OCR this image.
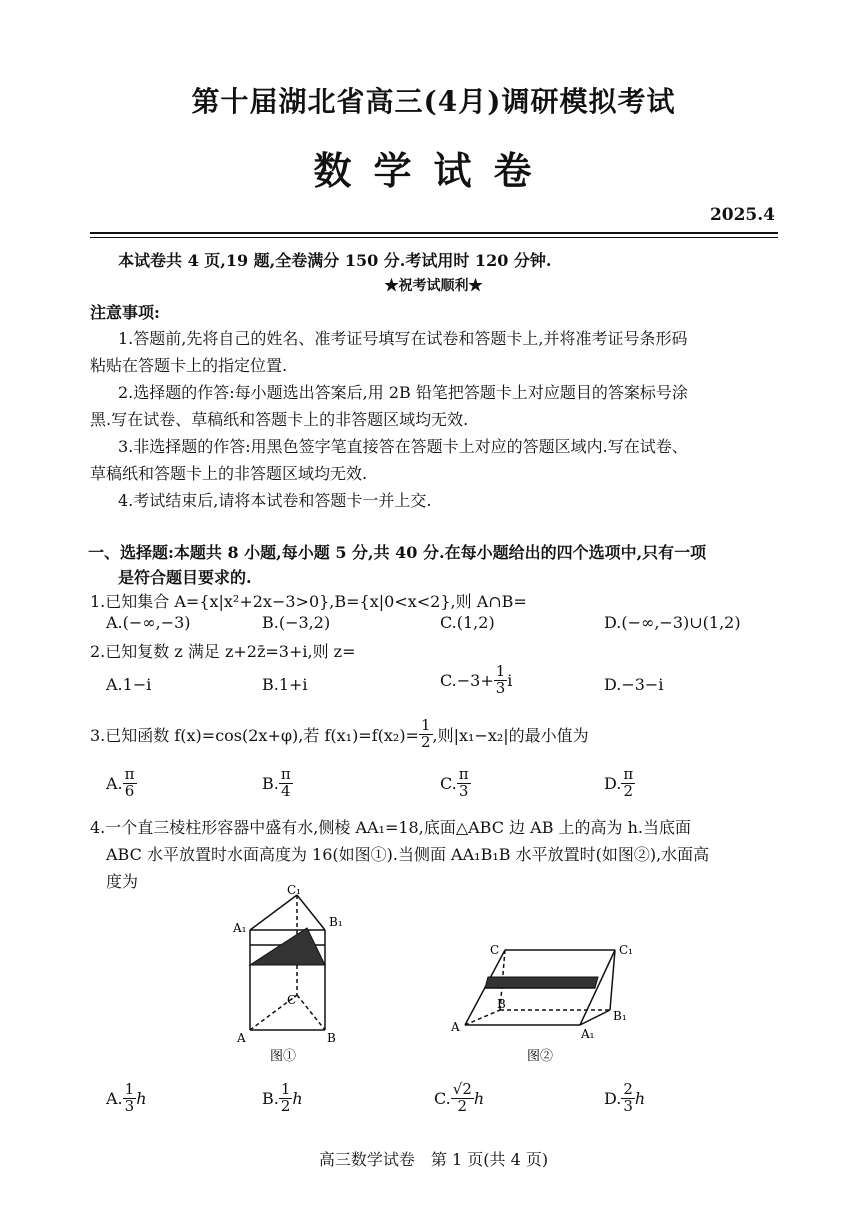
第十届湖北省高三(4月)调研模拟考试
数学试卷
2025.4
本试卷共 4 页,19 题,全卷满分 150 分.考试用时 120 分钟.
★祝考试顺利★
注意事项:
1.答题前,先将自己的姓名、准考证号填写在试卷和答题卡上,并将准考证号条形码
粘贴在答题卡上的指定位置.
2.选择题的作答:每小题选出答案后,用 2B 铅笔把答题卡上对应题目的答案标号涂
黑.写在试卷、草稿纸和答题卡上的非答题区域均无效.
3.非选择题的作答:用黑色签字笔直接答在答题卡上对应的答题区域内.写在试卷、
草稿纸和答题卡上的非答题区域均无效.
4.考试结束后,请将本试卷和答题卡一并上交.
一、选择题:本题共 8 小题,每小题 5 分,共 40 分.在每小题给出的四个选项中,只有一项
是符合题目要求的.
1.已知集合 A={x|x²+2x−3>0},B={x|0<x<2},则 A∩B=
A.(−∞,−3)	B.(−3,2)	C.(1,2)	D.(−∞,−3)∪(1,2)
2.已知复数 z 满足 z+2z̄=3+i,则 z=
A.1−i	B.1+i	$C.-3+ \frac{1}{3}$ i	D.−3−i
3.已知函数 f(x)=cos(2x+φ),若 $f(x_1)=f(x_2)= \frac{1}{2}$ ,则|x₁−x₂|的最小值为
A. $\frac{\pi}{6}$	B. $\frac{\pi}{4}$	C. $\frac{\pi}{3}$	D. $\frac{\pi}{2}$
4.一个直三棱柱形容器中盛有水,侧棱 AA₁=18,底面△ABC 边 AB 上的高为 h.当底面
ABC 水平放置时水面高度为 16(如图①).当侧面 AA₁B₁B 水平放置时(如图②),水面高
度为	C₁
A₁	B₁
C
A	B
图①
C	C₁
A
B
A₁
B₁
图②
A. $\frac{1}{3}$ h	B. $\frac{1}{2}$ h	C. $\frac{√2}{2}$ h	D. $\frac{2}{3}$ h
高三数学试卷　第 1 页(共 4 页)
